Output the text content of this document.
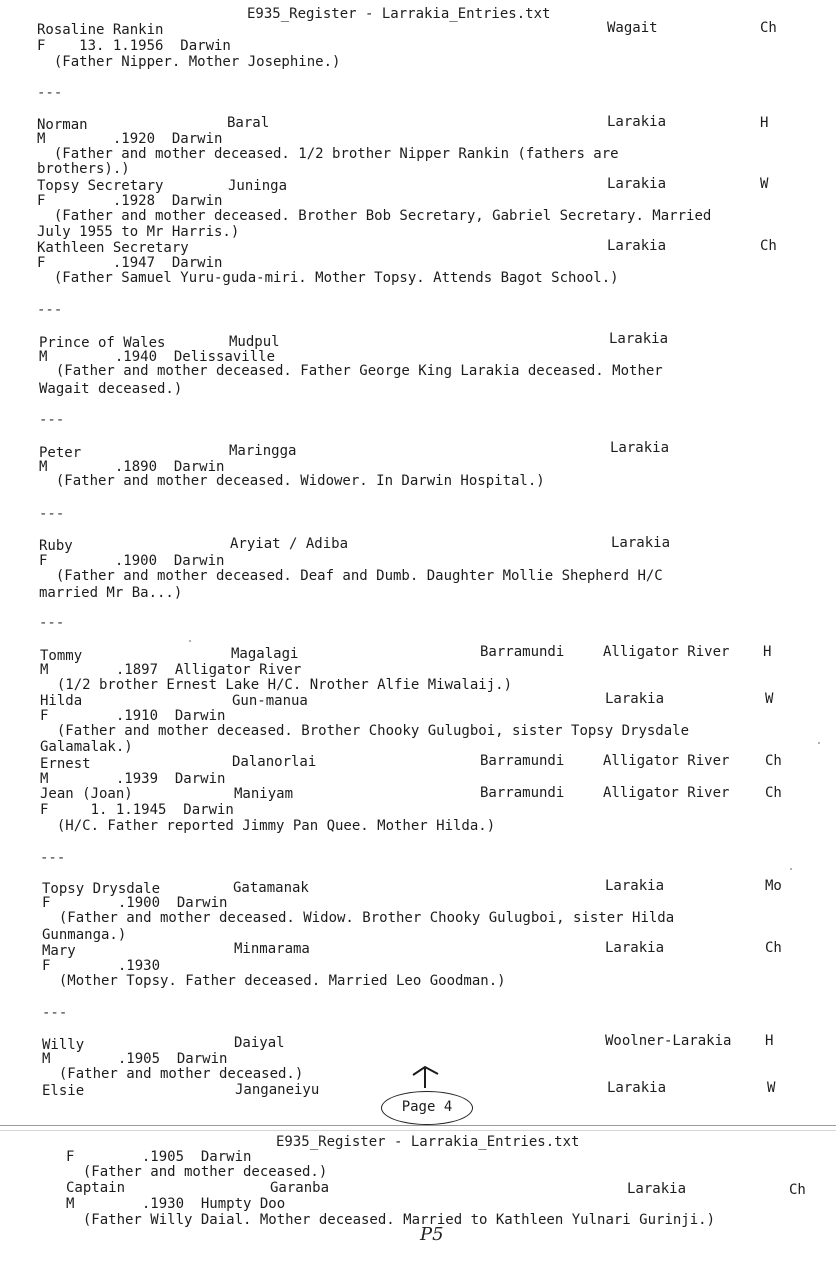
E935_Register - Larrakia_Entries.txt
Rosaline Rankin	Wagait	Ch
F    13. 1.1956  Darwin
(Father Nipper. Mother Josephine.)
---
Norman	Baral	Larakia	H
M        .1920  Darwin
(Father and mother deceased. 1/2 brother Nipper Rankin (fathers are
brothers).)
Topsy Secretary	Juninga	Larakia	W
F        .1928  Darwin
(Father and mother deceased. Brother Bob Secretary, Gabriel Secretary. Married
July 1955 to Mr Harris.)
Kathleen Secretary	Larakia	Ch
F        .1947  Darwin
(Father Samuel Yuru-guda-miri. Mother Topsy. Attends Bagot School.)
---
Prince of Wales	Mudpul	Larakia
M        .1940  Delissaville
(Father and mother deceased. Father George King Larakia deceased. Mother
Wagait deceased.)
---
Peter	Maringga	Larakia
M        .1890  Darwin
(Father and mother deceased. Widower. In Darwin Hospital.)
---
Ruby	Aryiat / Adiba	Larakia
F        .1900  Darwin
(Father and mother deceased. Deaf and Dumb. Daughter Mollie Shepherd H/C
married Mr Ba...)
---
Tommy	Magalagi	Barramundi	Alligator River H
M        .1897  Alligator River
(1/2 brother Ernest Lake H/C. Nrother Alfie Miwalaij.)
Hilda	Gun-manua	Larakia	W
F        .1910  Darwin
(Father and mother deceased. Brother Chooky Gulugboi, sister Topsy Drysdale
Galamalak.)
Ernest	Dalanorlai	Barramundi	Alligator River	Ch
M        .1939  Darwin
Jean (Joan)	Maniyam	Barramundi	Alligator River	Ch
F     1. 1.1945  Darwin
(H/C. Father reported Jimmy Pan Quee. Mother Hilda.)
---
Topsy Drysdale	Gatamanak	Larakia	Mo
F        .1900  Darwin
(Father and mother deceased. Widow. Brother Chooky Gulugboi, sister Hilda
Gunmanga.)
Mary	Minmarama	Larakia	Ch
F        .1930
(Mother Topsy. Father deceased. Married Leo Goodman.)
---
Willy	Daiyal	Woolner-Larakia H
M        .1905  Darwin
(Father and mother deceased.)
Elsie	Janganeiyu	Larakia	W
Page 4
E935_Register - Larrakia_Entries.txt
F        .1905  Darwin
(Father and mother deceased.)
Captain	Garanba	Larakia	Ch
M        .1930  Humpty Doo
(Father Willy Daial. Mother deceased. Married to Kathleen Yulnari Gurinji.)
P5
